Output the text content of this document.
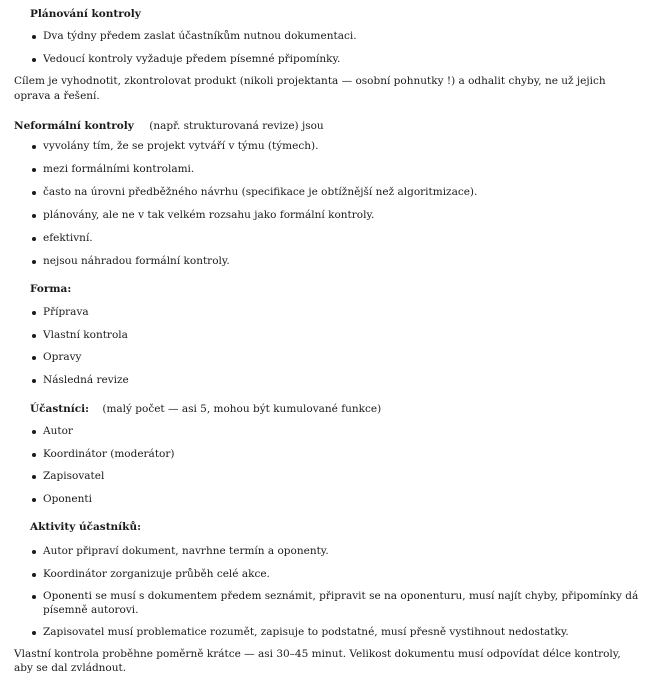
Plánování kontroly
Dva týdny předem zaslat účastníkům nutnou dokumentaci.
Vedoucí kontroly vyžaduje předem písemné připomínky.
Cílem je vyhodnotit, zkontrolovat produkt (nikoli projektanta — osobní pohnutky !) a odhalit chyby, ne už jejich
oprava a řešení.
Neformální kontroly (např. strukturovaná revize) jsou
vyvolány tím, že se projekt vytváří v týmu (týmech).
mezi formálními kontrolami.
často na úrovni předběžného návrhu (specifikace je obtížnější než algoritmizace).
plánovány, ale ne v tak velkém rozsahu jako formální kontroly.
efektivní.
nejsou náhradou formální kontroly.
Forma:
Příprava
Vlastní kontrola
Opravy
Následná revize
Účastníci: (malý počet — asi 5, mohou být kumulované funkce)
Autor
Koordinátor (moderátor)
Zapisovatel
Oponenti
Aktivity účastníků:
Autor připraví dokument, navrhne termín a oponenty.
Koordinátor zorganizuje průběh celé akce.
Oponenti se musí s dokumentem předem seznámit, připravit se na oponenturu, musí najít chyby, připomínky dá
písemně autorovi.
Zapisovatel musí problematice rozumět, zapisuje to podstatné, musí přesně vystihnout nedostatky.
Vlastní kontrola proběhne poměrně krátce — asi 30–45 minut. Velikost dokumentu musí odpovídat délce kontroly,
aby se dal zvládnout.
